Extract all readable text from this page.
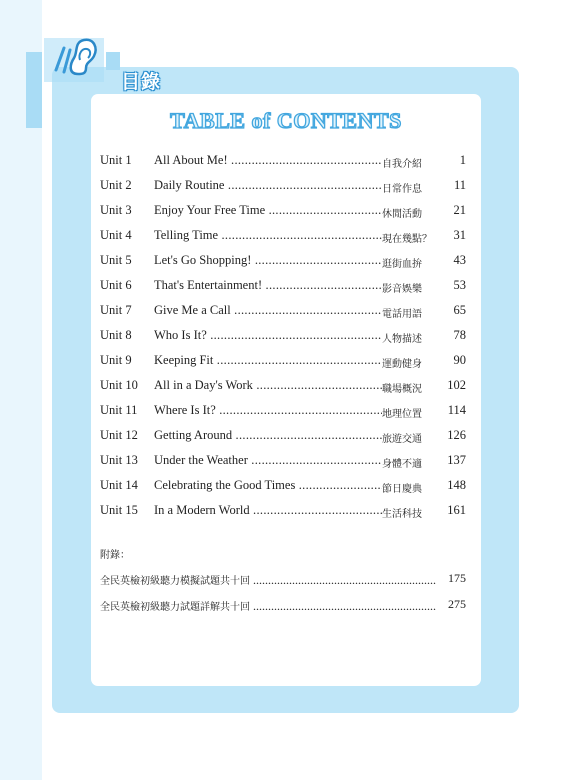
目錄
TABLE of CONTENTS
Unit 1 All About Me! .....	自我介紹	1
Unit 2 Daily Routine .....	日常作息	11
Unit 3 Enjoy Your Free Time .....	休閒活動	21
Unit 4 Telling Time .....	現在幾點？ 31
Unit 5 Let's Go Shopping! .....	逛街血拚	43
Unit 6 That's Entertainment! .....	影音娛樂	53
Unit 7 Give Me a Call .....	電話用語	65
Unit 8 Who Is It? .....	人物描述	78
Unit 9 Keeping Fit .....	運動健身	90
Unit 10 All in a Day's Work .....	職場概況 102
Unit 11 Where Is It? .....	地理位置 114
Unit 12 Getting Around .....	旅遊交通 126
Unit 13 Under the Weather .....	身體不適 137
Unit 14 Celebrating the Good Times .....	節日慶典 148
Unit 15 In a Modern World .....	生活科技 161
附錄：
全民英檢初級聽力模擬試題共十回 .....	175
全民英檢初級聽力試題詳解共十回 .....	275
